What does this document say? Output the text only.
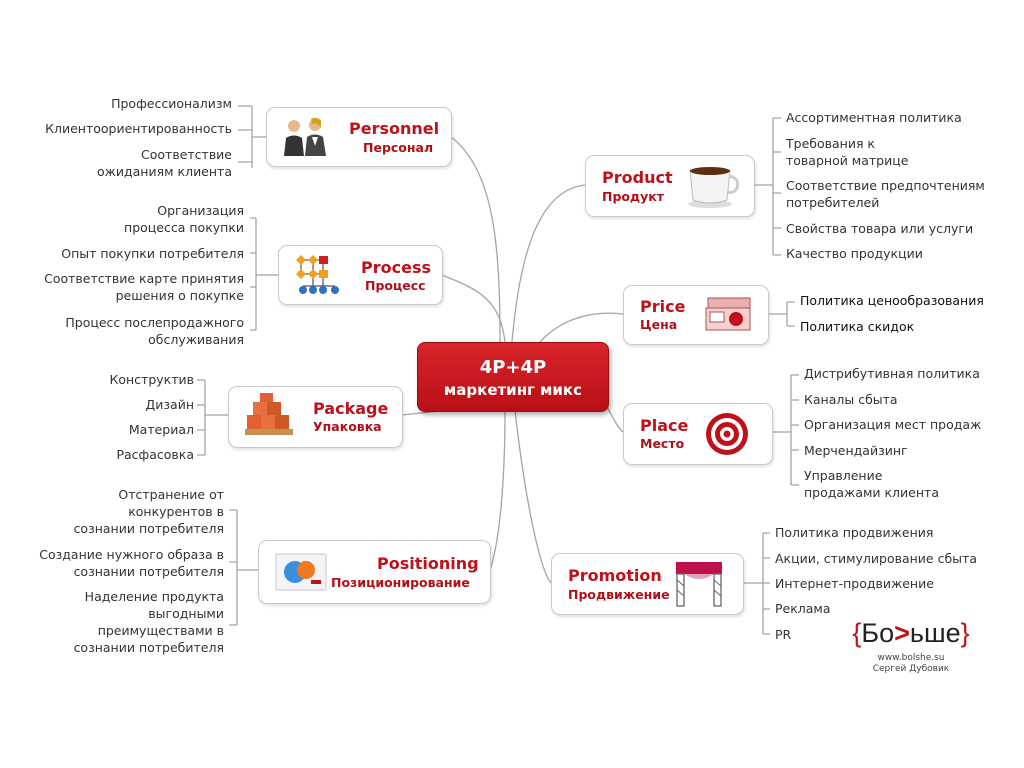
4P+4P
маркетинг микс
Personnel
Персонал
Process
Процесс
Package
Упаковка
Positioning
Позиционирование
Product
Продукт
Price
Цена
Place
Место
Promotion
Продвижение
Профессионализм
Клиентоориентированность
Соответствие
ожиданиям клиента
Организация
процесса покупки
Опыт покупки потребителя
Соответствие карте принятия
решения о покупке
Процесс послепродажного
обслуживания
Конструктив
Дизайн
Материал
Расфасовка
Отстранение от
конкурентов в
сознании потребителя
Создание нужного образа в
сознании потребителя
Наделение продукта
выгодными
преимуществами в
сознании потребителя
Ассортиментная политика
Требования к
товарной матрице
Соответствие предпочтениям
потребителей
Свойства товара или услуги
Качество продукции
Политика ценообразования
Политика скидок
Дистрибутивная политика
Каналы сбыта
Организация мест продаж
Мерчендайзинг
Управление
продажами клиента
Политика продвижения
Акции, стимулирование сбыта
Интернет-продвижение
Реклама
PR {Бо>ьше}
www.bolshe.su
Сергей Дубовик
